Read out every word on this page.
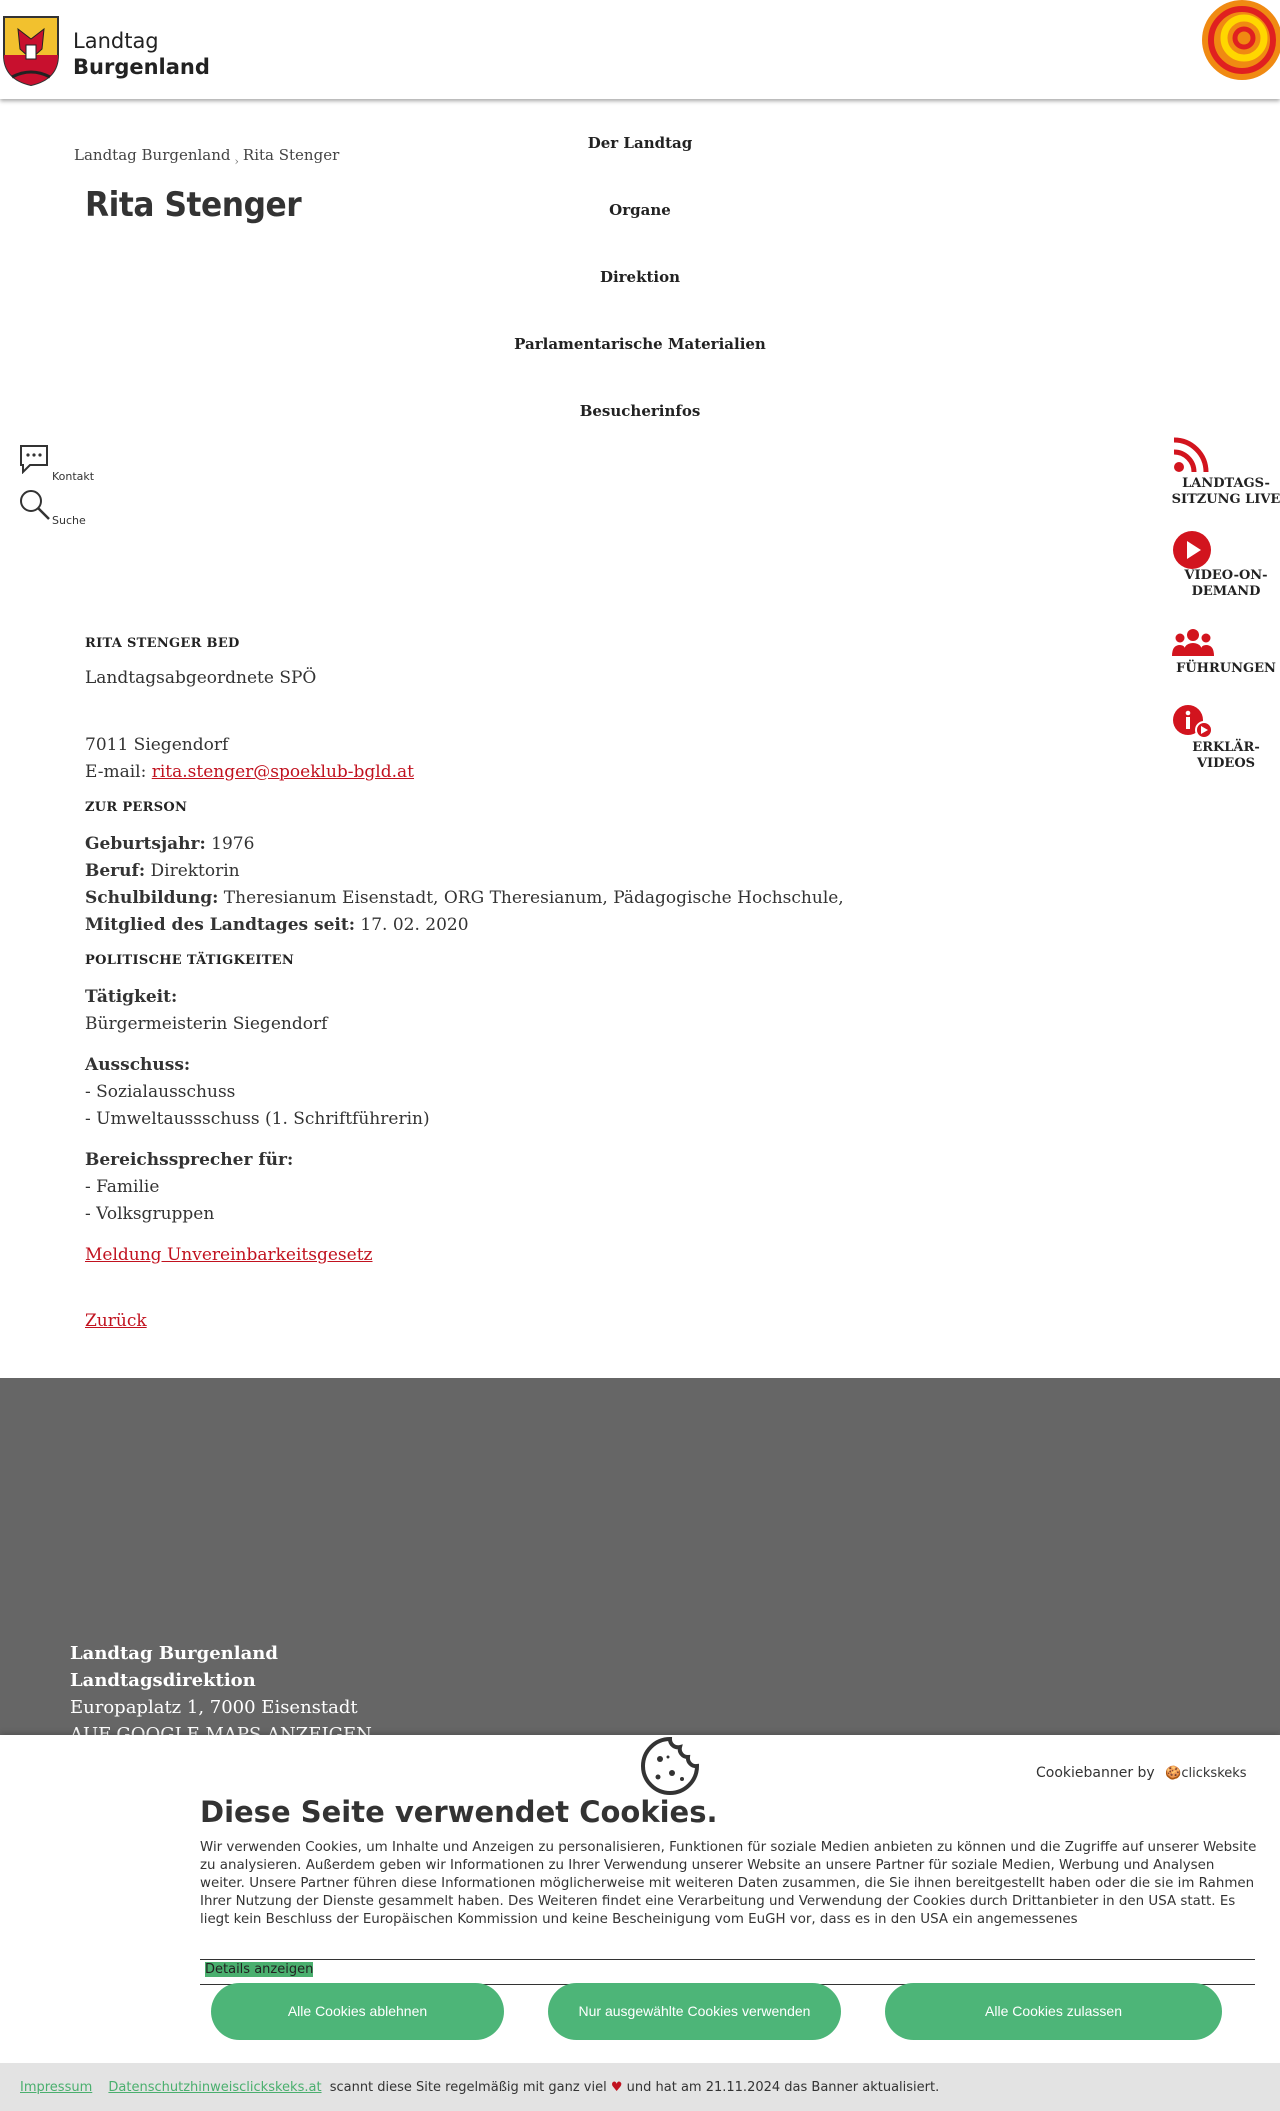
Landtag
Burgenland
Der Landtag
Organe
Direktion
Parlamentarische Materialien
Besucherinfos
Landtag Burgenland $_›$ Rita Stenger
Rita Stenger
Kontakt
Suche
LANDTAGS-SITZUNG LIVE
VIDEO-ON-DEMAND
FÜHRUNGEN
ERKLÄR-VIDEOS
RITA STENGER BED

Landtagsabgeordnete SPÖ

7011 Siegendorf

E-mail: rita.stenger@spoeklub-bgld.at

ZUR PERSON

Geburtsjahr: 1976

Beruf: Direktorin

Schulbildung: Theresianum Eisenstadt, ORG Theresianum, Pädagogische Hochschule,

Mitglied des Landtages seit: 17. 02. 2020

POLITISCHE TÄTIGKEITEN

Tätigkeit:

Bürgermeisterin Siegendorf

Ausschuss:

- Sozialausschuss

- Umweltaussschuss (1. Schriftführerin)

Bereichssprecher für:

- Familie

- Volksgruppen

Meldung Unvereinbarkeitsgesetz

Zurück

Landtag Burgenland
Landtagsdirektion
Europaplatz 1, 7000 Eisenstadt
Cookiebanner by 🍪clickskeks
Diese Seite verwendet Cookies.
Wir verwenden Cookies, um Inhalte und Anzeigen zu personalisieren, Funktionen für soziale Medien anbieten zu können und die Zugriffe auf unserer Website zu analysieren. Außerdem geben wir Informationen zu Ihrer Verwendung unserer Website an unsere Partner für soziale Medien, Werbung und Analysen weiter. Unsere Partner führen diese Informationen möglicherweise mit weiteren Daten zusammen, die Sie ihnen bereitgestellt haben oder die sie im Rahmen Ihrer Nutzung der Dienste gesammelt haben. Des Weiteren findet eine Verarbeitung und Verwendung der Cookies durch Drittanbieter in den USA statt. Es liegt kein Beschluss der Europäischen Kommission und keine Bescheinigung vom EuGH vor, dass es in den USA ein angemessenes
Details anzeigen
Alle Cookies ablehnen	Nur ausgewählte Cookies verwenden	Alle Cookies zulassen
Impressum Datenschutzhinweisclickskeks.at scannt diese Site regelmäßig mit ganz viel ♥ und hat am 21.11.2024 das Banner aktualisiert.
